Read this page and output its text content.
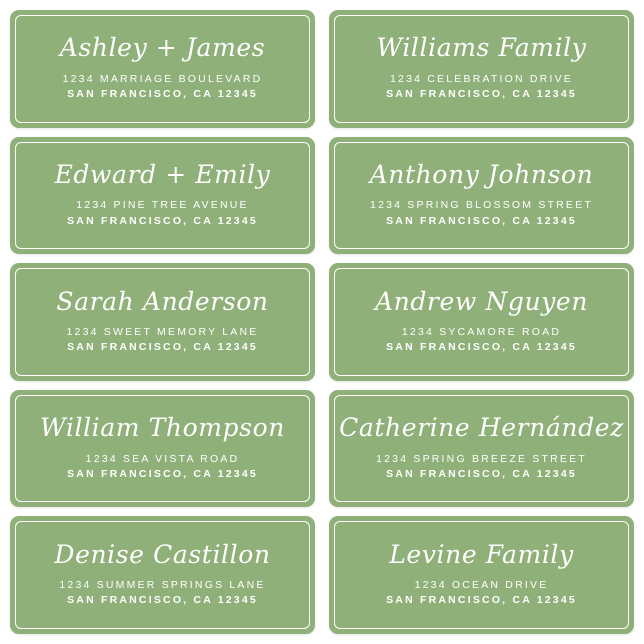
Ashley + James
1234 MARRIAGE BOULEVARD
SAN FRANCISCO, CA 12345
Williams Family
1234 CELEBRATION DRIVE
SAN FRANCISCO, CA 12345
Edward + Emily
1234 PINE TREE AVENUE
SAN FRANCISCO, CA 12345
Anthony Johnson
1234 SPRING BLOSSOM STREET
SAN FRANCISCO, CA 12345
Sarah Anderson
1234 SWEET MEMORY LANE
SAN FRANCISCO, CA 12345
Andrew Nguyen
1234 SYCAMORE ROAD
SAN FRANCISCO, CA 12345
William Thompson
1234 SEA VISTA ROAD
SAN FRANCISCO, CA 12345
Catherine Hernández
1234 SPRING BREEZE STREET
SAN FRANCISCO, CA 12345
Denise Castillon
1234 SUMMER SPRINGS LANE
SAN FRANCISCO, CA 12345
Levine Family
1234 OCEAN DRIVE
SAN FRANCISCO, CA 12345
